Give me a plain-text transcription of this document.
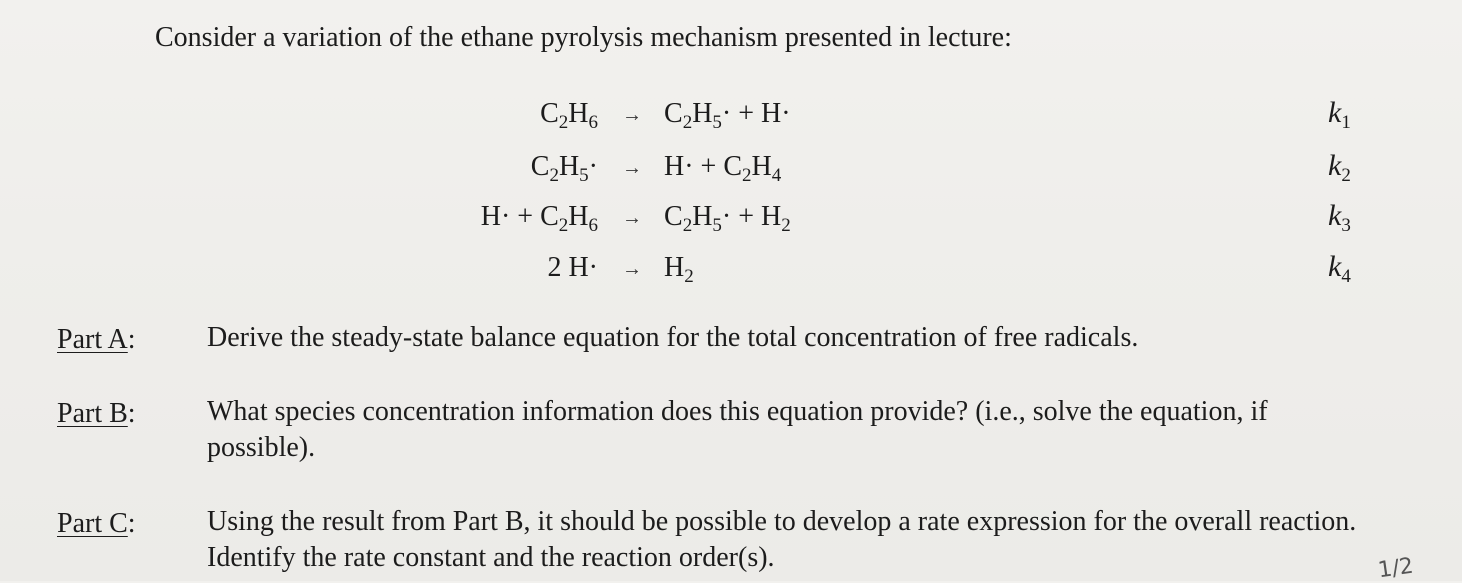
Consider a variation of the ethane pyrolysis mechanism presented in lecture:
$C_2H_6 \to C_2H_5\cdot + H\cdot$	$k_1$
$C_2H_5\cdot \to H\cdot + C_2H_4$	$k_2$
$H\cdot + C_2H_6 \to C_2H_5\cdot + H_2$	$k_3$
2 $H\cdot \to H_2$	$k_4$
Part A:	Derive the steady-state balance equation for the total concentration of free radicals.
Part B:	What species concentration information does this equation provide? (i.e., solve the equation, if possible).
Part C:	Using the result from Part B, it should be possible to develop a rate expression for the overall reaction. Identify the rate constant and the reaction order(s).	1/2
